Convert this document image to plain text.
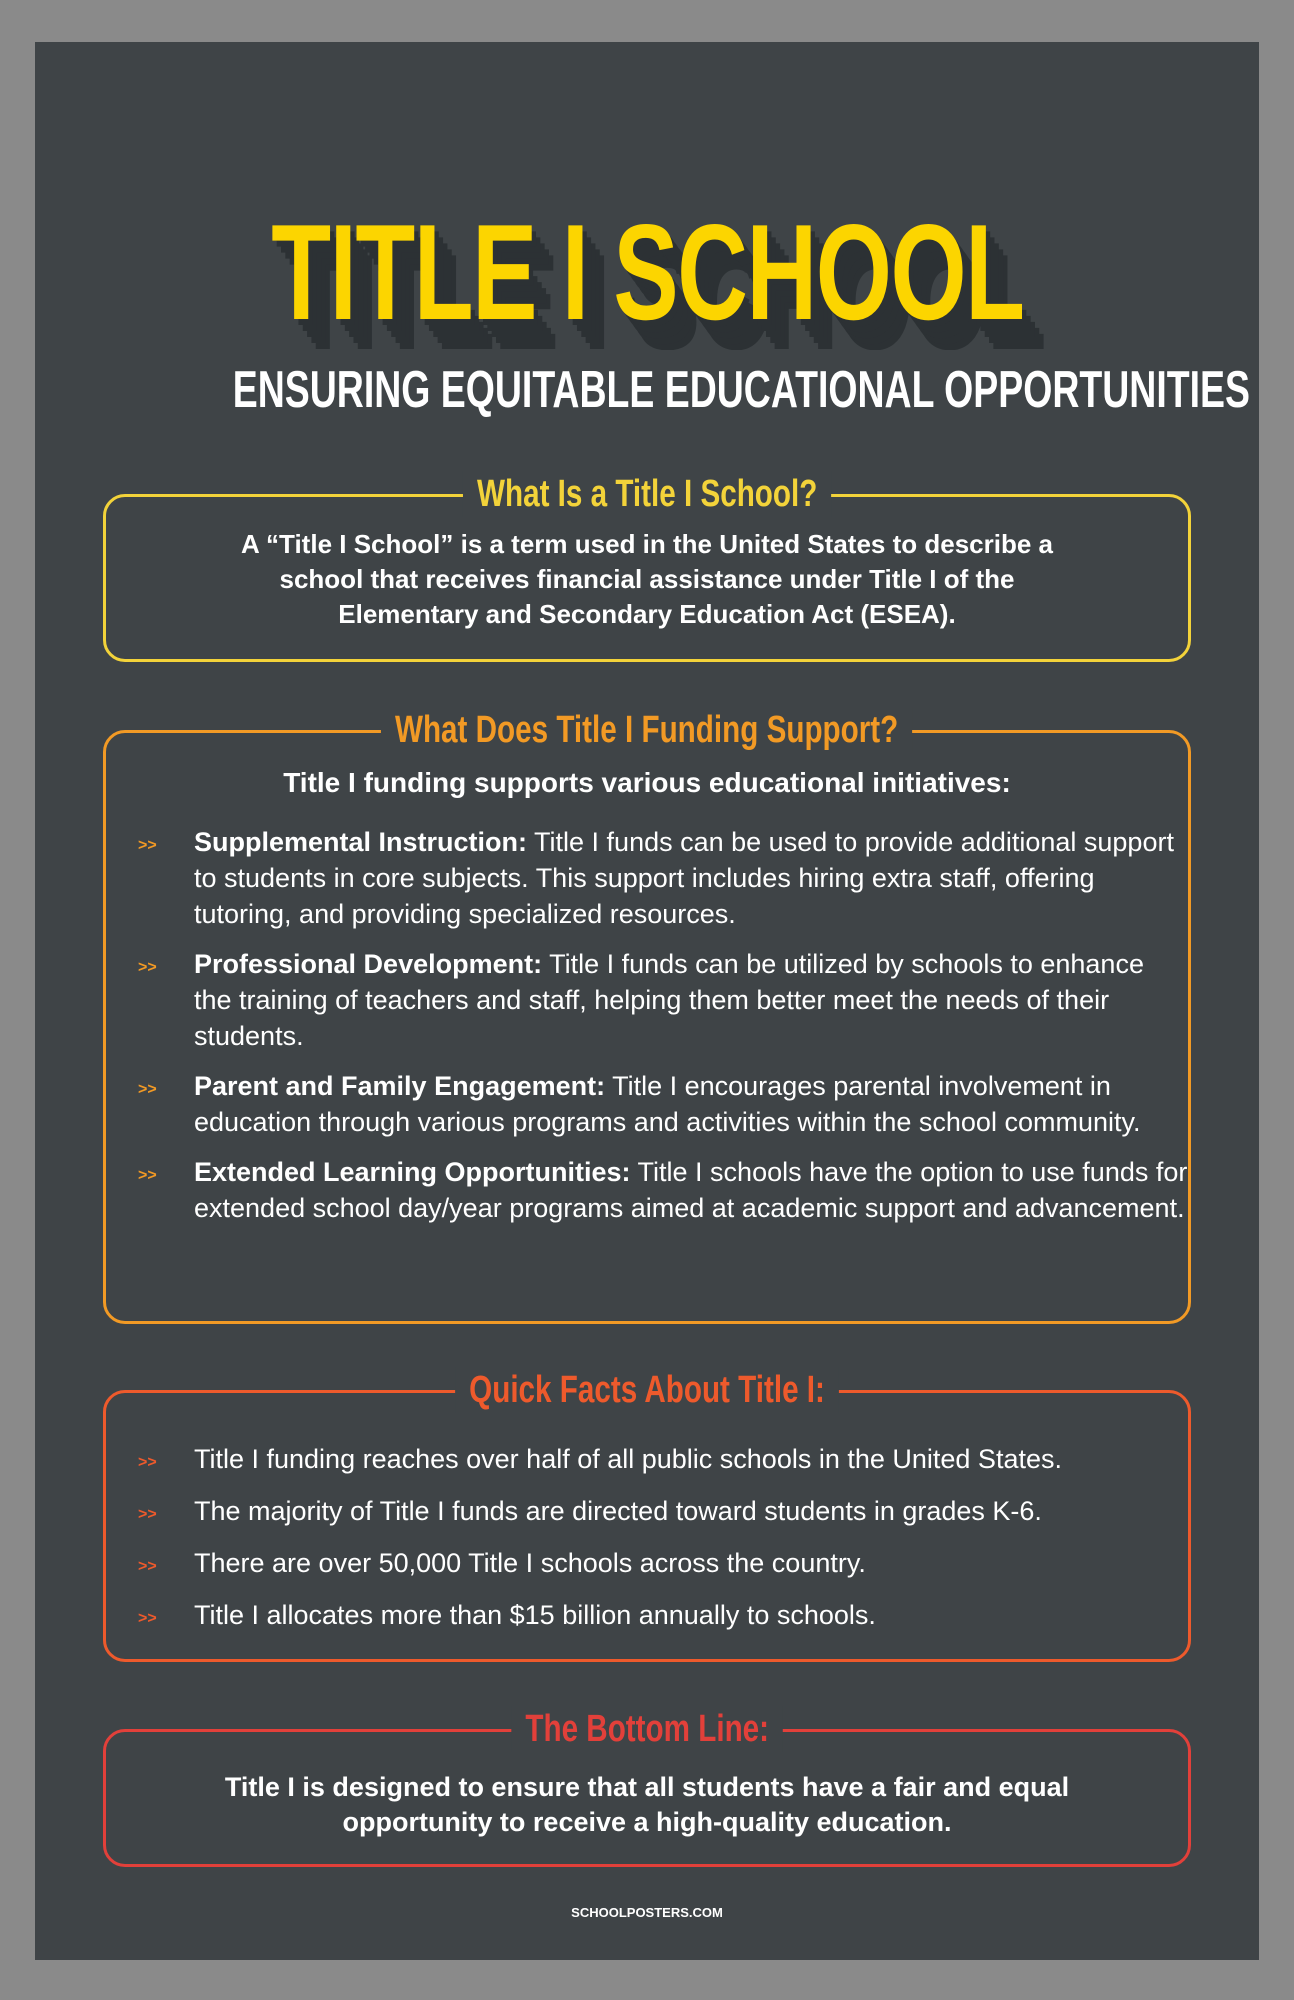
TITLE I SCHOOL
ENSURING EQUITABLE EDUCATIONAL OPPORTUNITIES
What Is a Title I School?
A “Title I School” is a term used in the United States to describe a
school that receives financial assistance under Title I of the
Elementary and Secondary Education Act (ESEA).
What Does Title I Funding Support?
Title I funding supports various educational initiatives:
>> Supplemental Instruction: Title I funds can be used to provide additional support to students in core subjects. This support includes hiring extra staff, offering tutoring, and providing specialized resources.
>> Professional Development: Title I funds can be utilized by schools to enhance the training of teachers and staff, helping them better meet the needs of their students.
>> Parent and Family Engagement: Title I encourages parental involvement in education through various programs and activities within the school community.
>> Extended Learning Opportunities: Title I schools have the option to use funds for extended school day/year programs aimed at academic support and advancement.
Quick Facts About Title I:
>> Title I funding reaches over half of all public schools in the United States.
>> The majority of Title I funds are directed toward students in grades K-6.
>> There are over 50,000 Title I schools across the country.
>> Title I allocates more than $15 billion annually to schools.
The Bottom Line:
Title I is designed to ensure that all students have a fair and equal
opportunity to receive a high-quality education.
SCHOOLPOSTERS.COM
